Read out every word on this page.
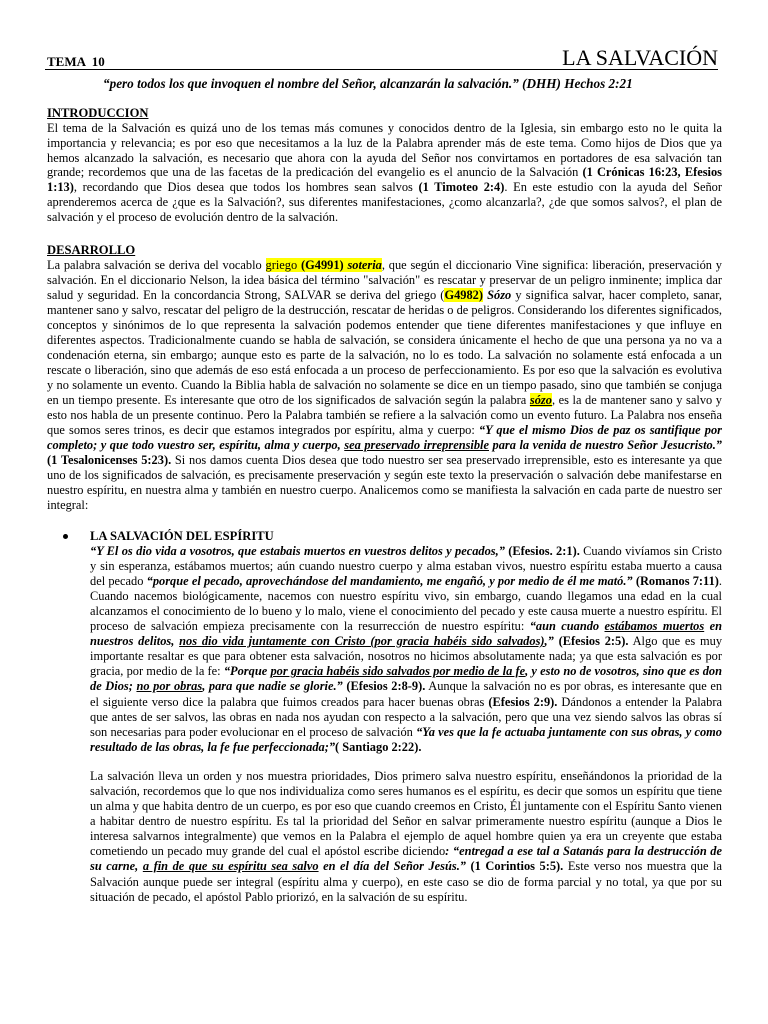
TEMA  10	LA SALVACIÓN
“pero todos los que invoquen el nombre del Señor, alcanzarán la salvación.” (DHH) Hechos 2:21
INTRODUCCION

El tema de la Salvación es quizá uno de los temas más comunes y conocidos dentro de la Iglesia, sin embargo esto no le quita la importancia y relevancia; es por eso que necesitamos a la luz de la Palabra aprender más de este tema. Como hijos de Dios que ya hemos alcanzado la salvación, es necesario que ahora con la ayuda del Señor nos convirtamos en portadores de esa salvación tan grande; recordemos que una de las facetas de la predicación del evangelio es el anuncio de la Salvación (1 Crónicas 16:23, Efesios 1:13), recordando que Dios desea que todos los hombres sean salvos (1 Timoteo 2:4). En este estudio con la ayuda del Señor aprenderemos acerca de ¿que es la Salvación?, sus diferentes manifestaciones, ¿como alcanzarla?, ¿de que somos salvos?, el plan de salvación y el proceso de evolución dentro de la salvación.

DESARROLLO

La palabra salvación se deriva del vocablo griego (G4991) soteria, que según el diccionario Vine significa: liberación, preservación y salvación. En el diccionario Nelson, la idea básica del término "salvación" es rescatar y preservar de un peligro inminente; implica dar salud y seguridad. En la concordancia Strong, SALVAR se deriva del griego (G4982) Sózo y significa salvar, hacer completo, sanar, mantener sano y salvo, rescatar del peligro de la destrucción, rescatar de heridas o de peligros. Considerando los diferentes significados, conceptos y sinónimos de lo que representa la salvación podemos entender que tiene diferentes manifestaciones y que influye en diferentes aspectos. Tradicionalmente cuando se habla de salvación, se considera únicamente el hecho de que una persona ya no va a condenación eterna, sin embargo; aunque esto es parte de la salvación, no lo es todo. La salvación no solamente está enfocada a un rescate o liberación, sino que además de eso está enfocada a un proceso de perfeccionamiento. Es por eso que la salvación es evolutiva y no solamente un evento. Cuando la Biblia habla de salvación no solamente se dice en un tiempo pasado, sino que también se conjuga en un tiempo presente. Es interesante que otro de los significados de salvación según la palabra sózo, es la de mantener sano y salvo y esto nos habla de un presente continuo. Pero la Palabra también se refiere a la salvación como un evento futuro. La Palabra nos enseña que somos seres trinos, es decir que estamos integrados por espíritu, alma y cuerpo: “Y que el mismo Dios de paz os santifique por completo; y que todo vuestro ser, espíritu, alma y cuerpo, sea preservado irreprensible para la venida de nuestro Señor Jesucristo.” (1 Tesalonicenses 5:23). Si nos damos cuenta Dios desea que todo nuestro ser sea preservado irreprensible, esto es interesante ya que uno de los significados de salvación, es precisamente preservación y según este texto la preservación o salvación debe manifestarse en nuestro espíritu, en nuestra alma y también en nuestro cuerpo. Analicemos como se manifiesta la salvación en cada parte de nuestro ser integral:

LA SALVACIÓN DEL ESPÍRITU

“Y El os dio vida a vosotros, que estabais muertos en vuestros delitos y pecados,” (Efesios. 2:1). Cuando vivíamos sin Cristo y sin esperanza, estábamos muertos; aún cuando nuestro cuerpo y alma estaban vivos, nuestro espíritu estaba muerto a causa del pecado “porque el pecado, aprovechándose del mandamiento, me engañó, y por medio de él me mató.” (Romanos 7:11). Cuando nacemos biológicamente, nacemos con nuestro espíritu vivo, sin embargo, cuando llegamos una edad en la cual alcanzamos el conocimiento de lo bueno y lo malo, viene el conocimiento del pecado y este causa muerte a nuestro espíritu. El proceso de salvación empieza precisamente con la resurrección de nuestro espíritu: “aun cuando estábamos muertos en nuestros delitos, nos dio vida juntamente con Cristo (por gracia habéis sido salvados),” (Efesios 2:5). Algo que es muy importante resaltar es que para obtener esta salvación, nosotros no hicimos absolutamente nada; ya que esta salvación es por gracia, por medio de la fe: “Porque por gracia habéis sido salvados por medio de la fe, y esto no de vosotros, sino que es don de Dios; no por obras, para que nadie se glorie.” (Efesios 2:8-9). Aunque la salvación no es por obras, es interesante que en el siguiente verso dice la palabra que fuimos creados para hacer buenas obras (Efesios 2:9). Dándonos a entender la Palabra que antes de ser salvos, las obras en nada nos ayudan con respecto a la salvación, pero que una vez siendo salvos las obras sí son necesarias para poder evolucionar en el proceso de salvación “Ya ves que la fe actuaba juntamente con sus obras, y como resultado de las obras, la fe fue perfeccionada;”( Santiago 2:22).

La salvación lleva un orden y nos muestra prioridades, Dios primero salva nuestro espíritu, enseñándonos la prioridad de la salvación, recordemos que lo que nos individualiza como seres humanos es el espíritu, es decir que somos un espíritu que tiene un alma y que habita dentro de un cuerpo, es por eso que cuando creemos en Cristo, Él juntamente con el Espíritu Santo vienen a habitar dentro de nuestro espíritu. Es tal la prioridad del Señor en salvar primeramente nuestro espíritu (aunque a Dios le interesa salvarnos integralmente) que vemos en la Palabra el ejemplo de aquel hombre quien ya era un creyente que estaba cometiendo un pecado muy grande del cual el apóstol escribe diciendo: “entregad a ese tal a Satanás para la destrucción de su carne, a fin de que su espíritu sea salvo en el día del Señor Jesús.” (1 Corintios 5:5). Este verso nos muestra que la Salvación aunque puede ser integral (espíritu alma y cuerpo), en este caso se dio de forma parcial y no total, ya que por su situación de pecado, el apóstol Pablo priorizó, en la salvación de su espíritu.
